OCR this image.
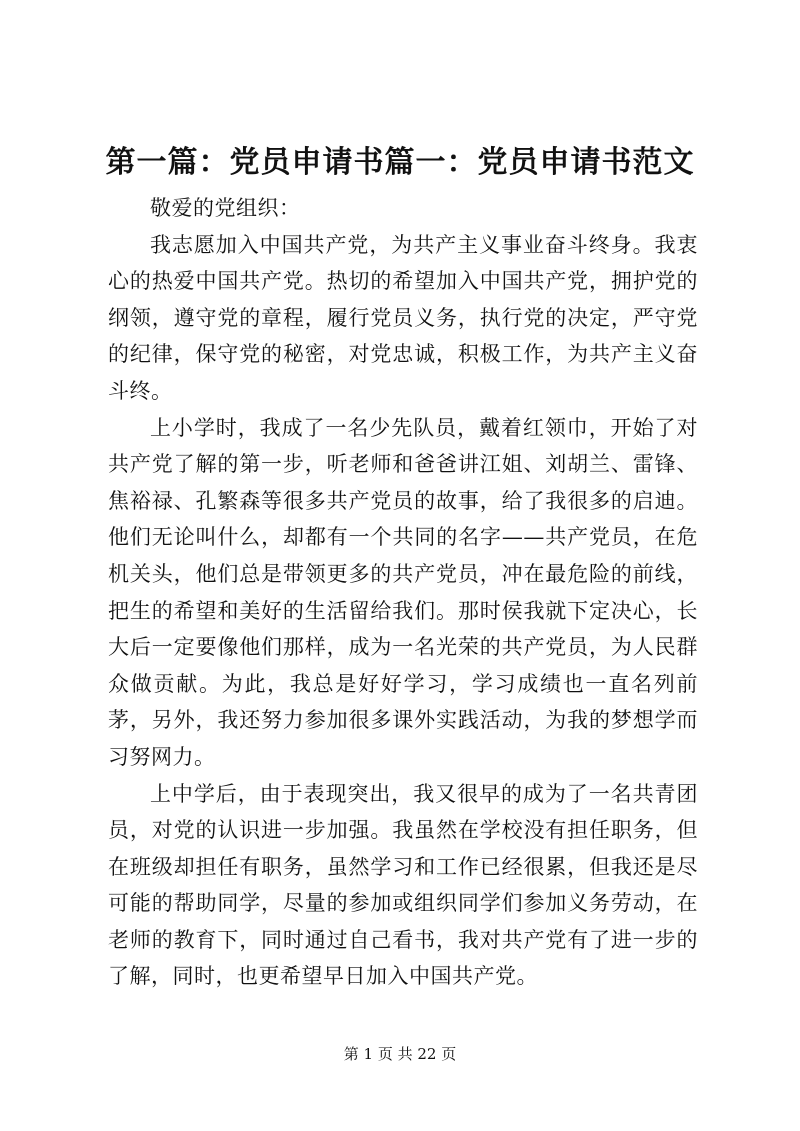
第一篇：党员申请书篇一：党员申请书范文

敬爱的党组织：

我志愿加入中国共产党，为共产主义事业奋斗终身。我衷心的热爱中国共产党。热切的希望加入中国共产党，拥护党的纲领，遵守党的章程，履行党员义务，执行党的决定，严守党的纪律，保守党的秘密，对党忠诚，积极工作，为共产主义奋斗终。

上小学时，我成了一名少先队员，戴着红领巾，开始了对共产党了解的第一步，听老师和爸爸讲江姐、刘胡兰、雷锋、焦裕禄、孔繁森等很多共产党员的故事，给了我很多的启迪。他们无论叫什么，却都有一个共同的名字——共产党员，在危机关头，他们总是带领更多的共产党员，冲在最危险的前线，把生的希望和美好的生活留给我们。那时侯我就下定决心，长大后一定要像他们那样，成为一名光荣的共产党员，为人民群众做贡献。为此，我总是好好学习，学习成绩也一直名列前茅，另外，我还努力参加很多课外实践活动，为我的梦想学而习努网力。

上中学后，由于表现突出，我又很早的成为了一名共青团员，对党的认识进一步加强。我虽然在学校没有担任职务，但在班级却担任有职务，虽然学习和工作已经很累，但我还是尽可能的帮助同学，尽量的参加或组织同学们参加义务劳动，在老师的教育下，同时通过自己看书，我对共产党有了进一步的了解，同时，也更希望早日加入中国共产党。

第 1 页 共 22 页
